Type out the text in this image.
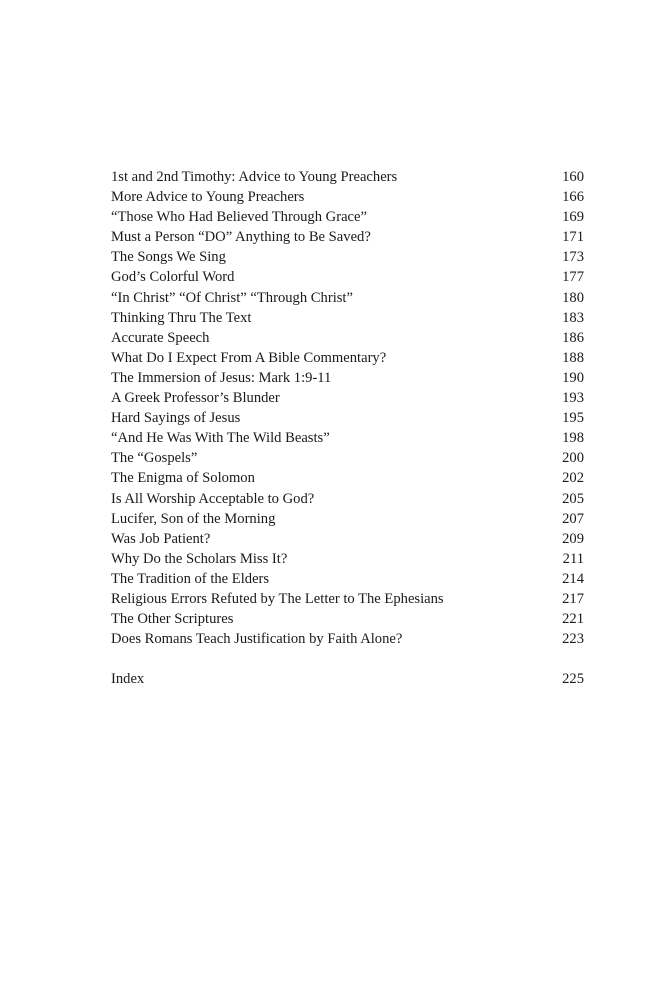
1st and 2nd Timothy: Advice to Young Preachers	160
More Advice to Young Preachers	166
“Those Who Had Believed Through Grace”	169
Must a Person “DO” Anything to Be Saved?	171
The Songs We Sing	173
God’s Colorful Word	177
“In Christ” “Of Christ” “Through Christ”	180
Thinking Thru The Text	183
Accurate Speech	186
What Do I Expect From A Bible Commentary?	188
The Immersion of Jesus: Mark 1:9-11	190
A Greek Professor’s Blunder	193
Hard Sayings of Jesus	195
“And He Was With The Wild Beasts”	198
The “Gospels”	200
The Enigma of Solomon	202
Is All Worship Acceptable to God?	205
Lucifer, Son of the Morning	207
Was Job Patient?	209
Why Do the Scholars Miss It?	211
The Tradition of the Elders	214
Religious Errors Refuted by The Letter to The Ephesians	217
The Other Scriptures	221
Does Romans Teach Justification by Faith Alone?	223
Index	225
